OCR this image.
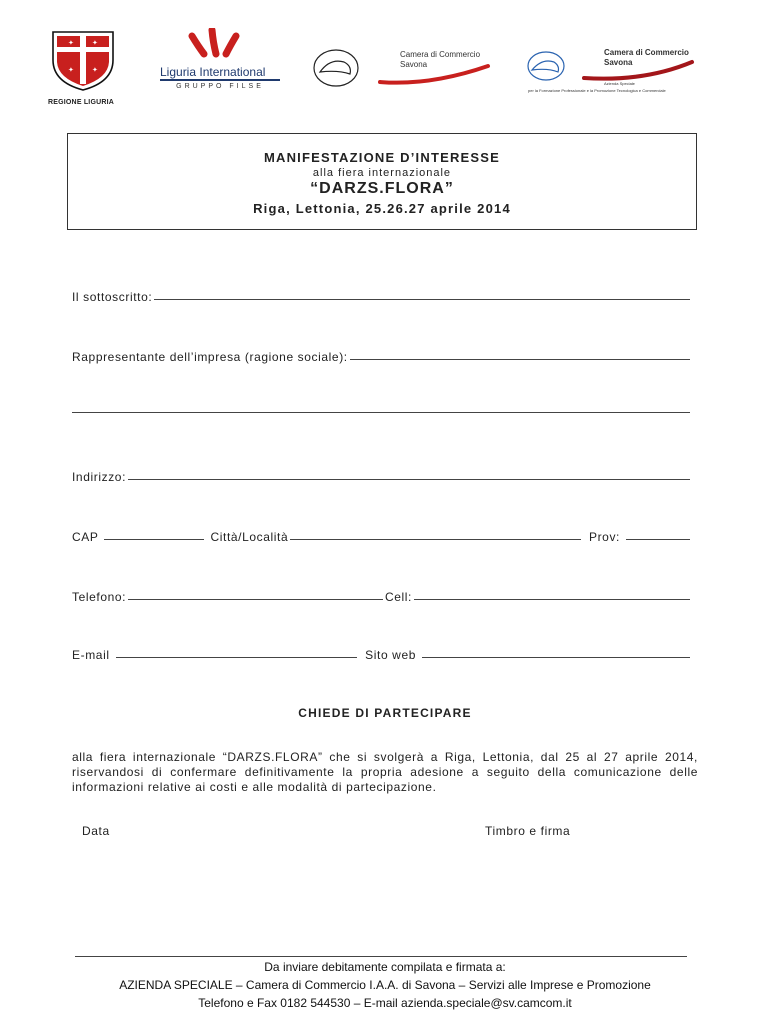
✦	✦
✦	✦
REGIONE LIGURIA
Liguria International
GRUPPO FILSE
Camera di Commercio
Savona
Camera di Commercio
Savona
Azienda Speciale
per la Formazione Professionale e la Promozione Tecnologica e Commerciale
MANIFESTAZIONE D’INTERESSE
alla fiera internazionale
“DARZS.FLORA”
Riga, Lettonia, 25.26.27 aprile 2014
Il sottoscritto:
Rappresentante dell’impresa (ragione sociale):
Indirizzo:
CAP	Città/Località	Prov:
Telefono:	Cell:
E-mail	Sito web
CHIEDE DI PARTECIPARE
alla fiera internazionale “DARZS.FLORA” che si svolgerà a Riga, Lettonia, dal 25 al 27 aprile 2014, riservandosi di confermare definitivamente la propria adesione a seguito della comunicazione delle informazioni relative ai costi e alle modalità di partecipazione.
Data	Timbro e firma
Da inviare debitamente compilata e firmata a:
AZIENDA SPECIALE – Camera di Commercio I.A.A. di Savona – Servizi alle Imprese e Promozione
Telefono e Fax 0182 544530 – E-mail azienda.speciale@sv.camcom.it
